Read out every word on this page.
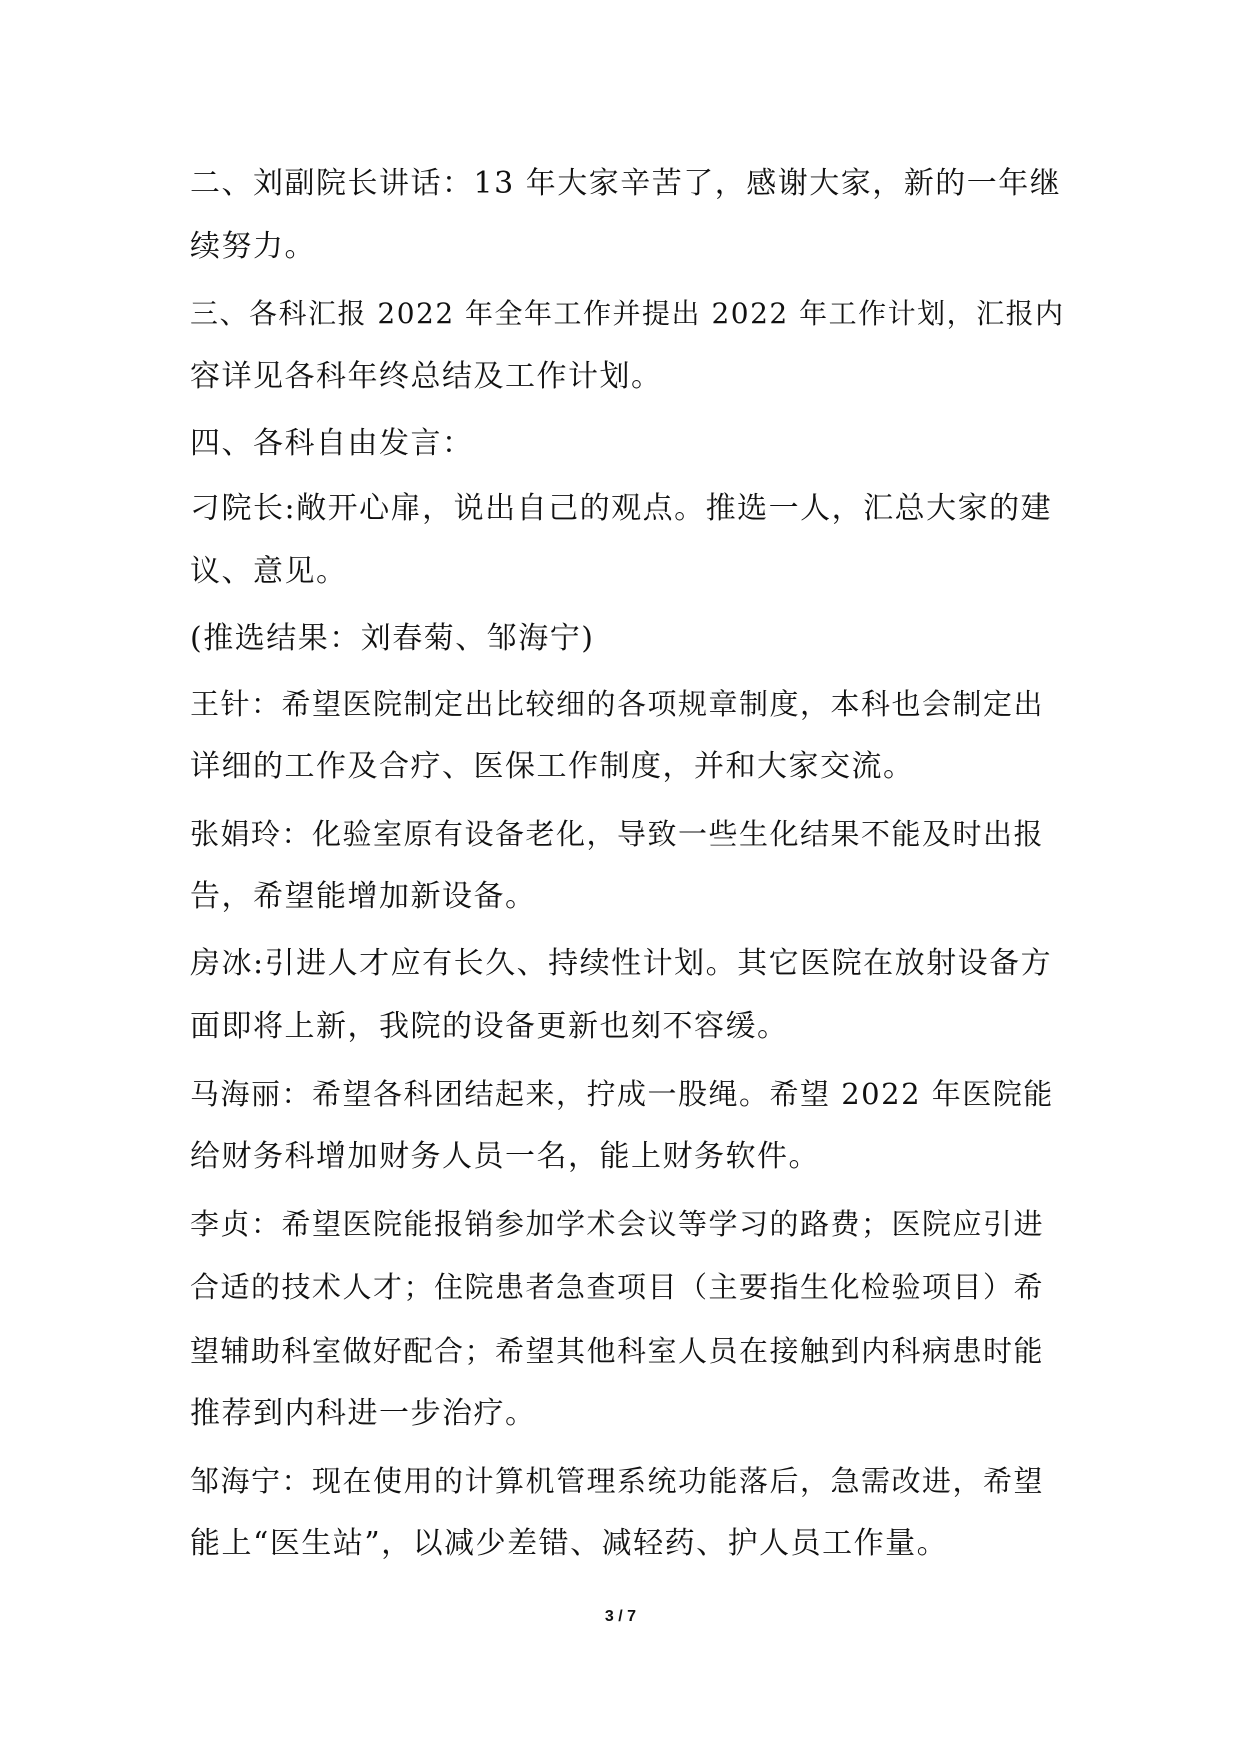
二、刘副院长讲话：13 年大家辛苦了，感谢大家，新的一年继
续努力。
三、各科汇报 2022 年全年工作并提出 2022 年工作计划，汇报内
容详见各科年终总结及工作计划。
四、各科自由发言：
刁院长:敞开心扉，说出自己的观点。推选一人，汇总大家的建
议、意见。
(推选结果：刘春菊、邹海宁)
王针：希望医院制定出比较细的各项规章制度，本科也会制定出
详细的工作及合疗、医保工作制度，并和大家交流。
张娟玲：化验室原有设备老化，导致一些生化结果不能及时出报
告，希望能增加新设备。
房冰:引进人才应有长久、持续性计划。其它医院在放射设备方
面即将上新，我院的设备更新也刻不容缓。
马海丽：希望各科团结起来，拧成一股绳。希望 2022 年医院能
给财务科增加财务人员一名，能上财务软件。
李贞：希望医院能报销参加学术会议等学习的路费；医院应引进
合适的技术人才；住院患者急查项目（主要指生化检验项目）希
望辅助科室做好配合；希望其他科室人员在接触到内科病患时能
推荐到内科进一步治疗。
邹海宁：现在使用的计算机管理系统功能落后，急需改进，希望
能上“医生站”，以减少差错、减轻药、护人员工作量。
3 / 7
